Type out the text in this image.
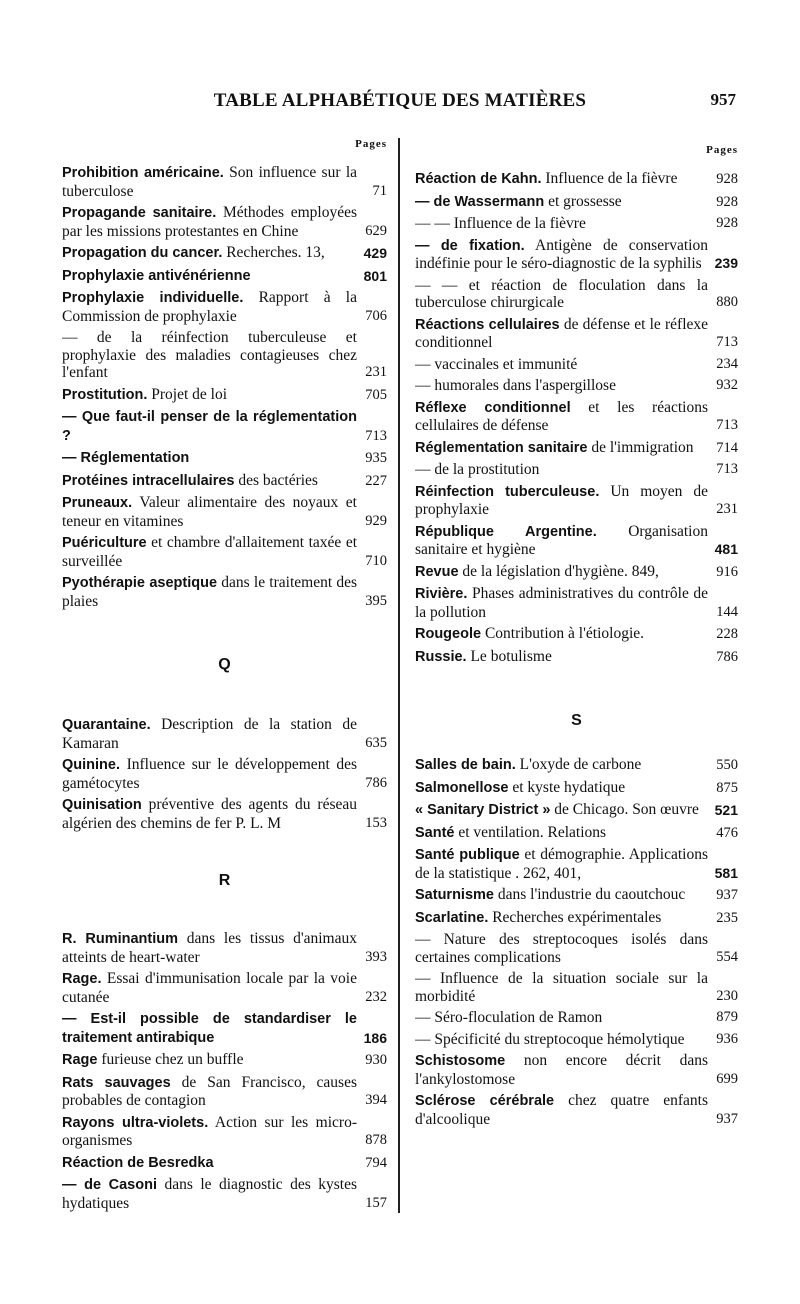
TABLE ALPHABÉTIQUE DES MATIÈRES	957
Pages
Prohibition américaine. Son influence sur la tuberculose	71
Propagande sanitaire. Méthodes employées par les missions protestantes en Chine	629
Propagation du cancer. Recherches. 13,	429
Prophylaxie antivénérienne	801
Prophylaxie individuelle. Rapport à la Commission de prophylaxie	706
— de la réinfection tuberculeuse et prophylaxie des maladies contagieuses chez l'enfant	231
Prostitution. Projet de loi	705
— Que faut-il penser de la réglementation ?	713
— Réglementation	935
Protéines intracellulaires des bactéries	227
Pruneaux. Valeur alimentaire des noyaux et teneur en vitamines	929
Puériculture et chambre d'allaitement taxée et surveillée	710
Pyothérapie aseptique dans le traitement des plaies	395
Q
Quarantaine. Description de la station de Kamaran	635
Quinine. Influence sur le développement des gamétocytes	786
Quinisation préventive des agents du réseau algérien des chemins de fer P. L. M	153
R
R. Ruminantium dans les tissus d'animaux atteints de heart-water	393
Rage. Essai d'immunisation locale par la voie cutanée	232
— Est-il possible de standardiser le traitement antirabique	186
Rage furieuse chez un buffle	930
Rats sauvages de San Francisco, causes probables de contagion	394
Rayons ultra-violets. Action sur les micro-organismes	878
Réaction de Besredka	794
— de Casoni dans le diagnostic des kystes hydatiques	157
Pages
Réaction de Kahn. Influence de la fièvre	928
— de Wassermann et grossesse	928
— — Influence de la fièvre	928
— de fixation. Antigène de conservation indéfinie pour le séro-diagnostic de la syphilis 239
— — et réaction de floculation dans la tuberculose chirurgicale	880
Réactions cellulaires de défense et le réflexe conditionnel	713
— vaccinales et immunité	234
— humorales dans l'aspergillose	932
Réflexe conditionnel et les réactions cellulaires de défense	713
Réglementation sanitaire de l'immigration	714
— de la prostitution	713
Réinfection tuberculeuse. Un moyen de prophylaxie	231
République Argentine. Organisation sanitaire et hygiène	481
Revue de la législation d'hygiène. 849,	916
Rivière. Phases administratives du contrôle de la pollution	144
Rougeole Contribution à l'étiologie.	228
Russie. Le botulisme	786
S
Salles de bain. L'oxyde de carbone	550
Salmonellose et kyste hydatique	875
« Sanitary District » de Chicago. Son œuvre	521
Santé et ventilation. Relations	476
Santé publique et démographie. Applications de la statistique . 262, 401,	581
Saturnisme dans l'industrie du caoutchouc	937
Scarlatine. Recherches expérimentales	235
— Nature des streptocoques isolés dans certaines complications	554
— Influence de la situation sociale sur la morbidité	230
— Séro-floculation de Ramon	879
— Spécificité du streptocoque hémolytique	936
Schistosome non encore décrit dans l'ankylostomose	699
Sclérose cérébrale chez quatre enfants d'alcoolique	937
